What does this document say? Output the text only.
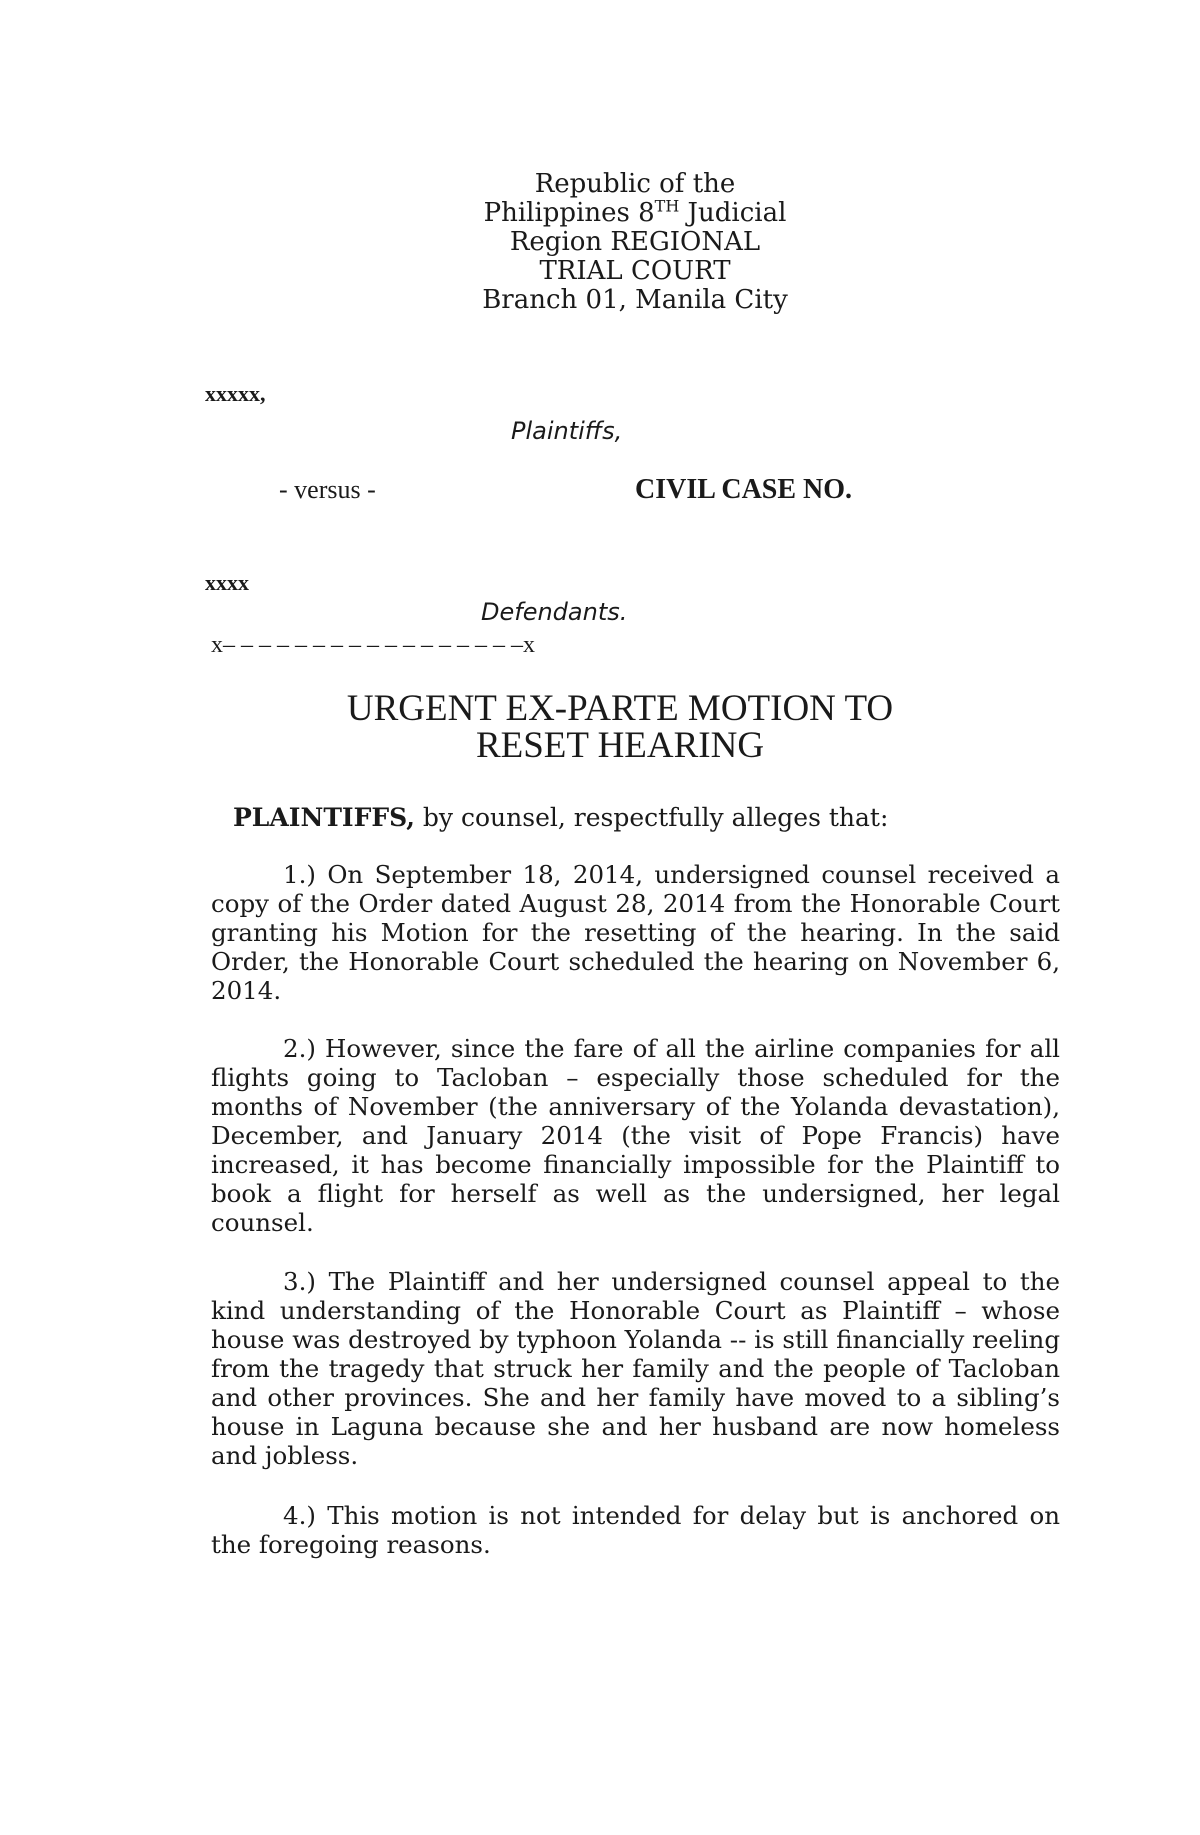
Republic of the
Philippines 8TH Judicial
Region REGIONAL
TRIAL COURT
Branch 01, Manila City
xxxxx,
Plaintiffs,
- versus -	CIVIL CASE NO.
xxxx
Defendants.
x– – – – – – – – – – – – – – – – –x
URGENT EX-PARTE MOTION TO
RESET HEARING
PLAINTIFFS, by counsel, respectfully alleges that:
1.) On September 18, 2014, undersigned counsel received a copy of the Order dated August 28, 2014 from the Honorable Court granting his Motion for the resetting of the hearing. In the said Order, the Honorable Court scheduled the hearing on November 6, 2014.
2.) However, since the fare of all the airline companies for all flights going to Tacloban – especially those scheduled for the months of November (the anniversary of the Yolanda devastation), December, and January 2014 (the visit of Pope Francis) have increased, it has become financially impossible for the Plaintiff to book a flight for herself as well as the undersigned, her legal counsel.
3.) The Plaintiff and her undersigned counsel appeal to the kind understanding of the Honorable Court as Plaintiff – whose house was destroyed by typhoon Yolanda -- is still financially reeling from the tragedy that struck her family and the people of Tacloban and other provinces. She and her family have moved to a sibling’s house in Laguna because she and her husband are now homeless and jobless.
4.) This motion is not intended for delay but is anchored on the foregoing reasons.
